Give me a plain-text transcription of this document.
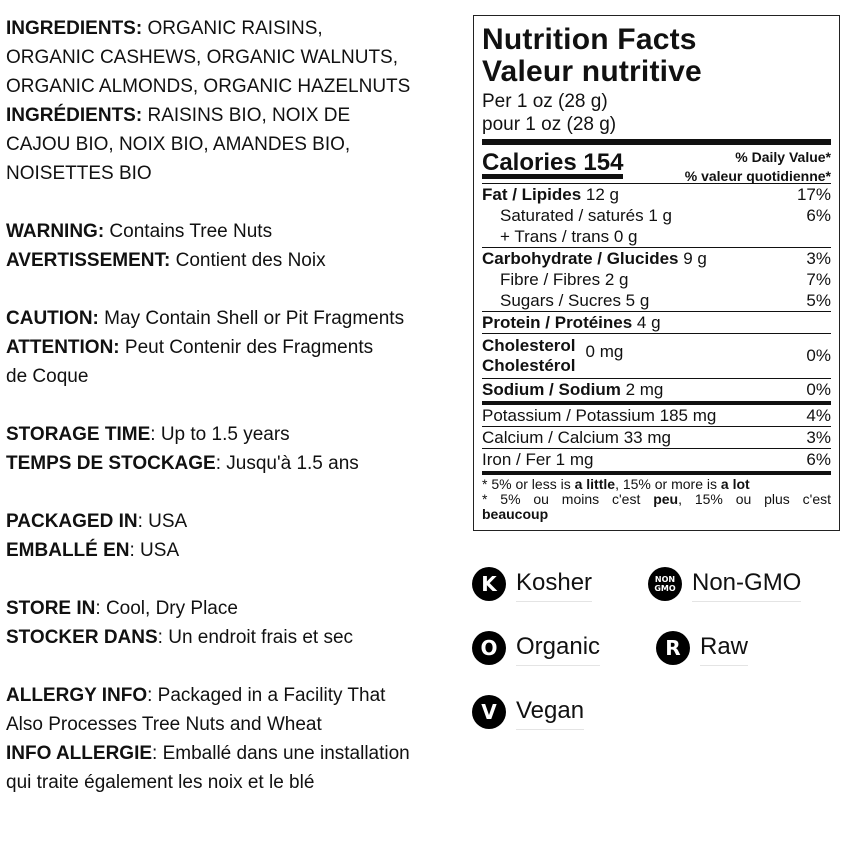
INGREDIENTS: ORGANIC RAISINS,
ORGANIC CASHEWS, ORGANIC WALNUTS,
ORGANIC ALMONDS, ORGANIC HAZELNUTS
INGRÉDIENTS: RAISINS BIO, NOIX DE
CAJOU BIO, NOIX BIO, AMANDES BIO,
NOISETTES BIO
WARNING: Contains Tree Nuts
AVERTISSEMENT: Contient des Noix
CAUTION: May Contain Shell or Pit Fragments
ATTENTION: Peut Contenir des Fragments
de Coque
STORAGE TIME: Up to 1.5 years
TEMPS DE STOCKAGE: Jusqu'à 1.5 ans
PACKAGED IN: USA
EMBALLÉ EN: USA
STORE IN: Cool, Dry Place
STOCKER DANS: Un endroit frais et sec
ALLERGY INFO: Packaged in a Facility That
Also Processes Tree Nuts and Wheat
INFO ALLERGIE: Emballé dans une installation
qui traite également les noix et le blé
Nutrition Facts
Valeur nutritive
Per 1 oz (28 g)
pour 1 oz (28 g)
Calories 154	% Daily Value*
% valeur quotidienne*
Fat / Lipides 12 g	17%
Saturated / saturés 1 g	6%
+ Trans / trans 0 g
Carbohydrate / Glucides 9 g	3%
Fibre / Fibres 2 g	7%
Sugars / Sucres 5 g	5%
Protein / Protéines 4 g
Cholesterol
Cholestérol
0 mg	0%
Sodium / Sodium 2 mg	0%
Potassium / Potassium 185 mg	4%
Calcium / Calcium 33 mg	3%
Iron / Fer 1 mg	6%
* 5% or less is a little, 15% or more is a lot
* 5% ou moins c'est peu, 15% ou plus c'est
beaucoup
K Kosher	NON
GMO Non-GMO
O Organic	R Raw
V Vegan
